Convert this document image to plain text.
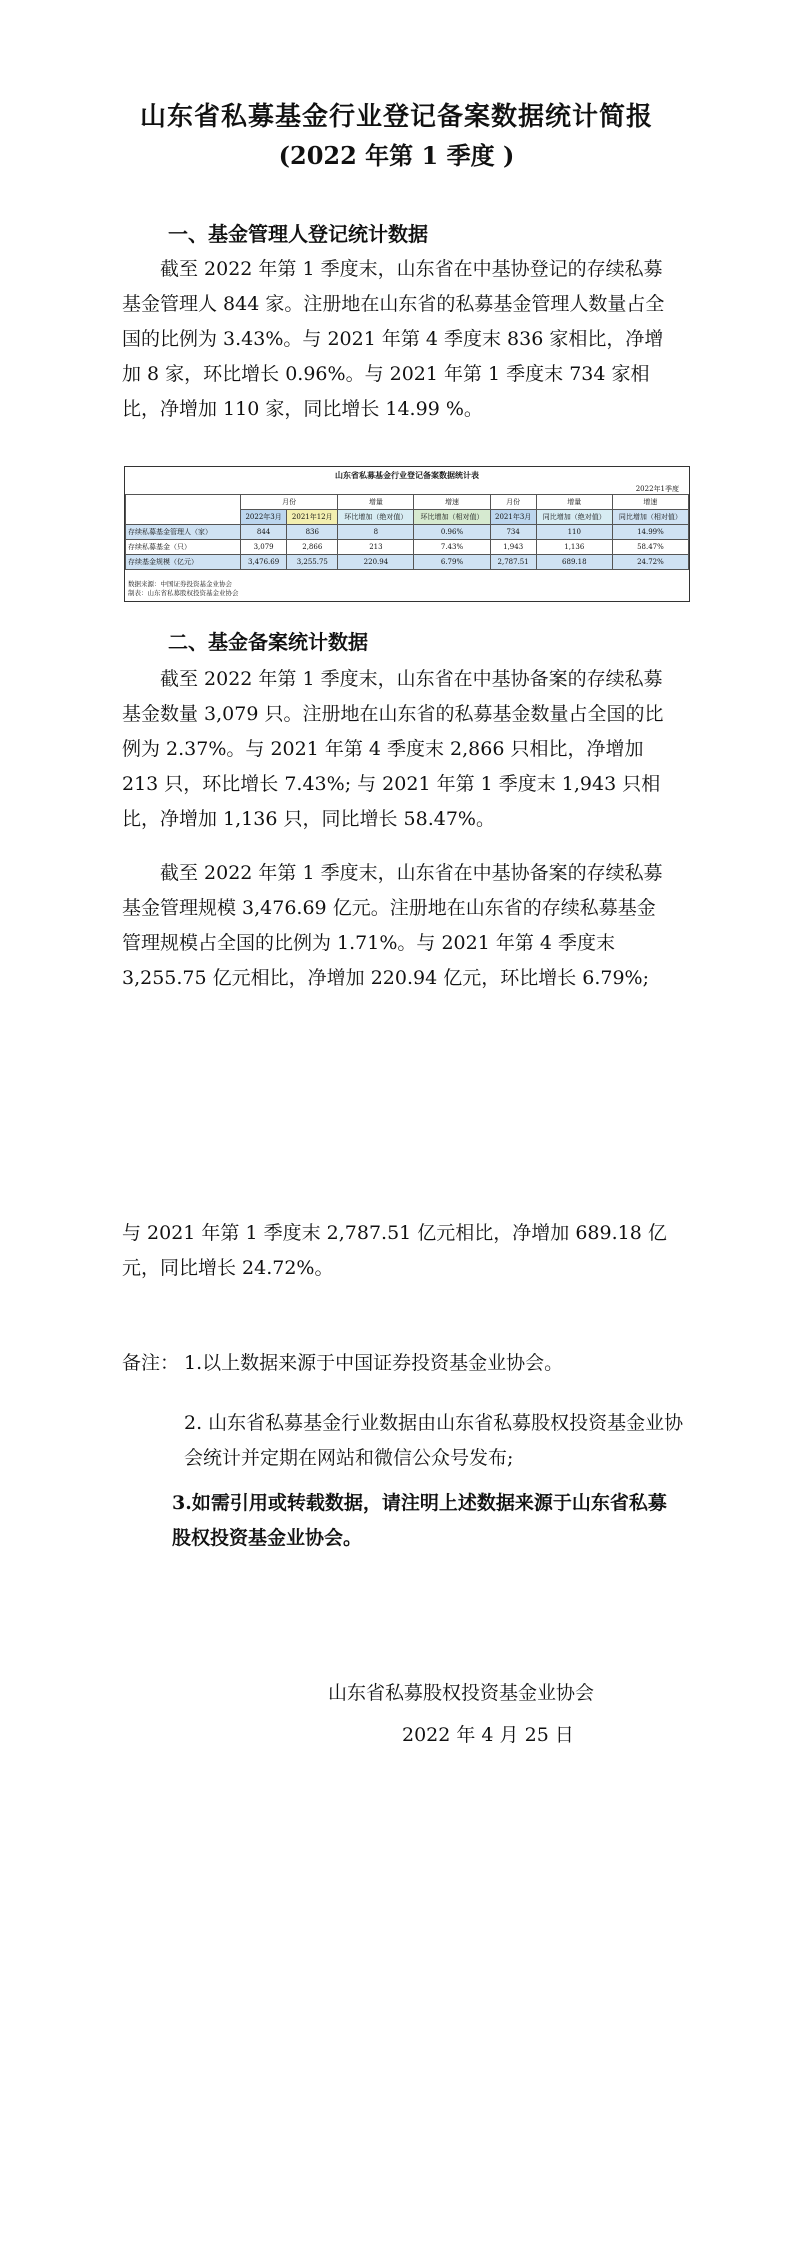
山东省私募基金行业登记备案数据统计简报
(2022 年第 1 季度 )
一、基金管理人登记统计数据

截至 2022 年第 1 季度末，山东省在中基协登记的存续私募基金管理人 844 家。注册地在山东省的私募基金管理人数量占全国的比例为 3.43%。与 2021 年第 4 季度末 836 家相比，净增加 8 家，环比增长 0.96%。与 2021 年第 1 季度末 734 家相比，净增加 110 家，同比增长 14.99 %。

山东省私募基金行业登记备案数据统计表
2022年1季度
	月份		增量	增速	月份	增量	增速
	2022年3月	2021年12月	环比增加（绝对值）	环比增加（相对值）	2021年3月	同比增加（绝对值）	同比增加（相对值）
存续私募基金管理人（家）	844	836	8	0.96%	734	110	14.99%
存续私募基金（只）	3,079	2,866	213	7.43%	1,943	1,136	58.47%
存续基金规模（亿元）	3,476.69	3,255.75	220.94	6.79%	2,787.51	689.18	24.72%
数据来源：中国证券投资基金业协会
制表：山东省私募股权投资基金业协会
二、基金备案统计数据

截至 2022 年第 1 季度末，山东省在中基协备案的存续私募基金数量 3,079 只。注册地在山东省的私募基金数量占全国的比例为 2.37%。与 2021 年第 4 季度末 2,866 只相比，净增加 213 只，环比增长 7.43%; 与 2021 年第 1 季度末 1,943 只相比，净增加 1,136 只，同比增长 58.47%。

截至 2022 年第 1 季度末，山东省在中基协备案的存续私募基金管理规模 3,476.69 亿元。注册地在山东省的存续私募基金管理规模占全国的比例为 1.71%。与 2021 年第 4 季度末 3,255.75 亿元相比，净增加 220.94 亿元，环比增长 6.79%;

与 2021 年第 1 季度末 2,787.51 亿元相比，净增加 689.18 亿元，同比增长 24.72%。

备注： 1.以上数据来源于中国证券投资基金业协会。
2. 山东省私募基金行业数据由山东省私募股权投资基金业协会统计并定期在网站和微信公众号发布;
3.如需引用或转载数据，请注明上述数据来源于山东省私募股权投资基金业协会。
山东省私募股权投资基金业协会
2022 年 4 月 25 日
